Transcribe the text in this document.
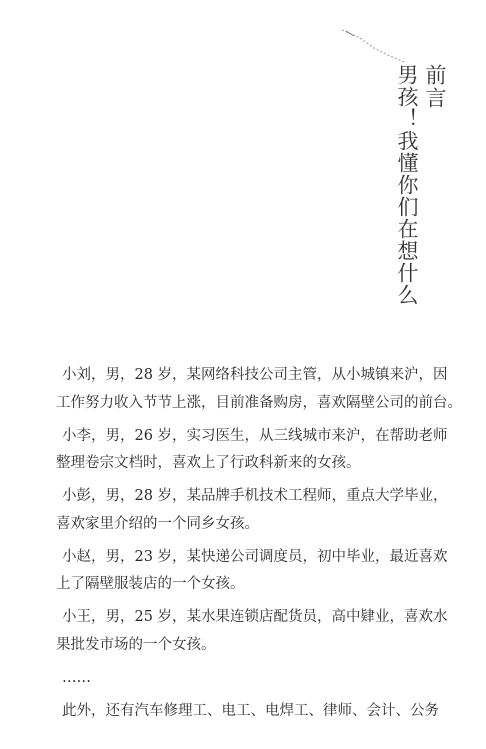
前言
男孩！我懂你们在想什么

小刘，男，28 岁，某网络科技公司主管，从小城镇来沪，因
工作努力收入节节上涨，目前准备购房，喜欢隔壁公司的前台。

小李，男，26 岁，实习医生，从三线城市来沪，在帮助老师
整理卷宗文档时，喜欢上了行政科新来的女孩。

小彭，男，28 岁，某品牌手机技术工程师，重点大学毕业，
喜欢家里介绍的一个同乡女孩。

小赵，男，23 岁，某快递公司调度员，初中毕业，最近喜欢
上了隔壁服装店的一个女孩。

小王，男，25 岁，某水果连锁店配货员，高中肄业，喜欢水
果批发市场的一个女孩。

……

此外，还有汽车修理工、电工、电焊工、律师、会计、公务
